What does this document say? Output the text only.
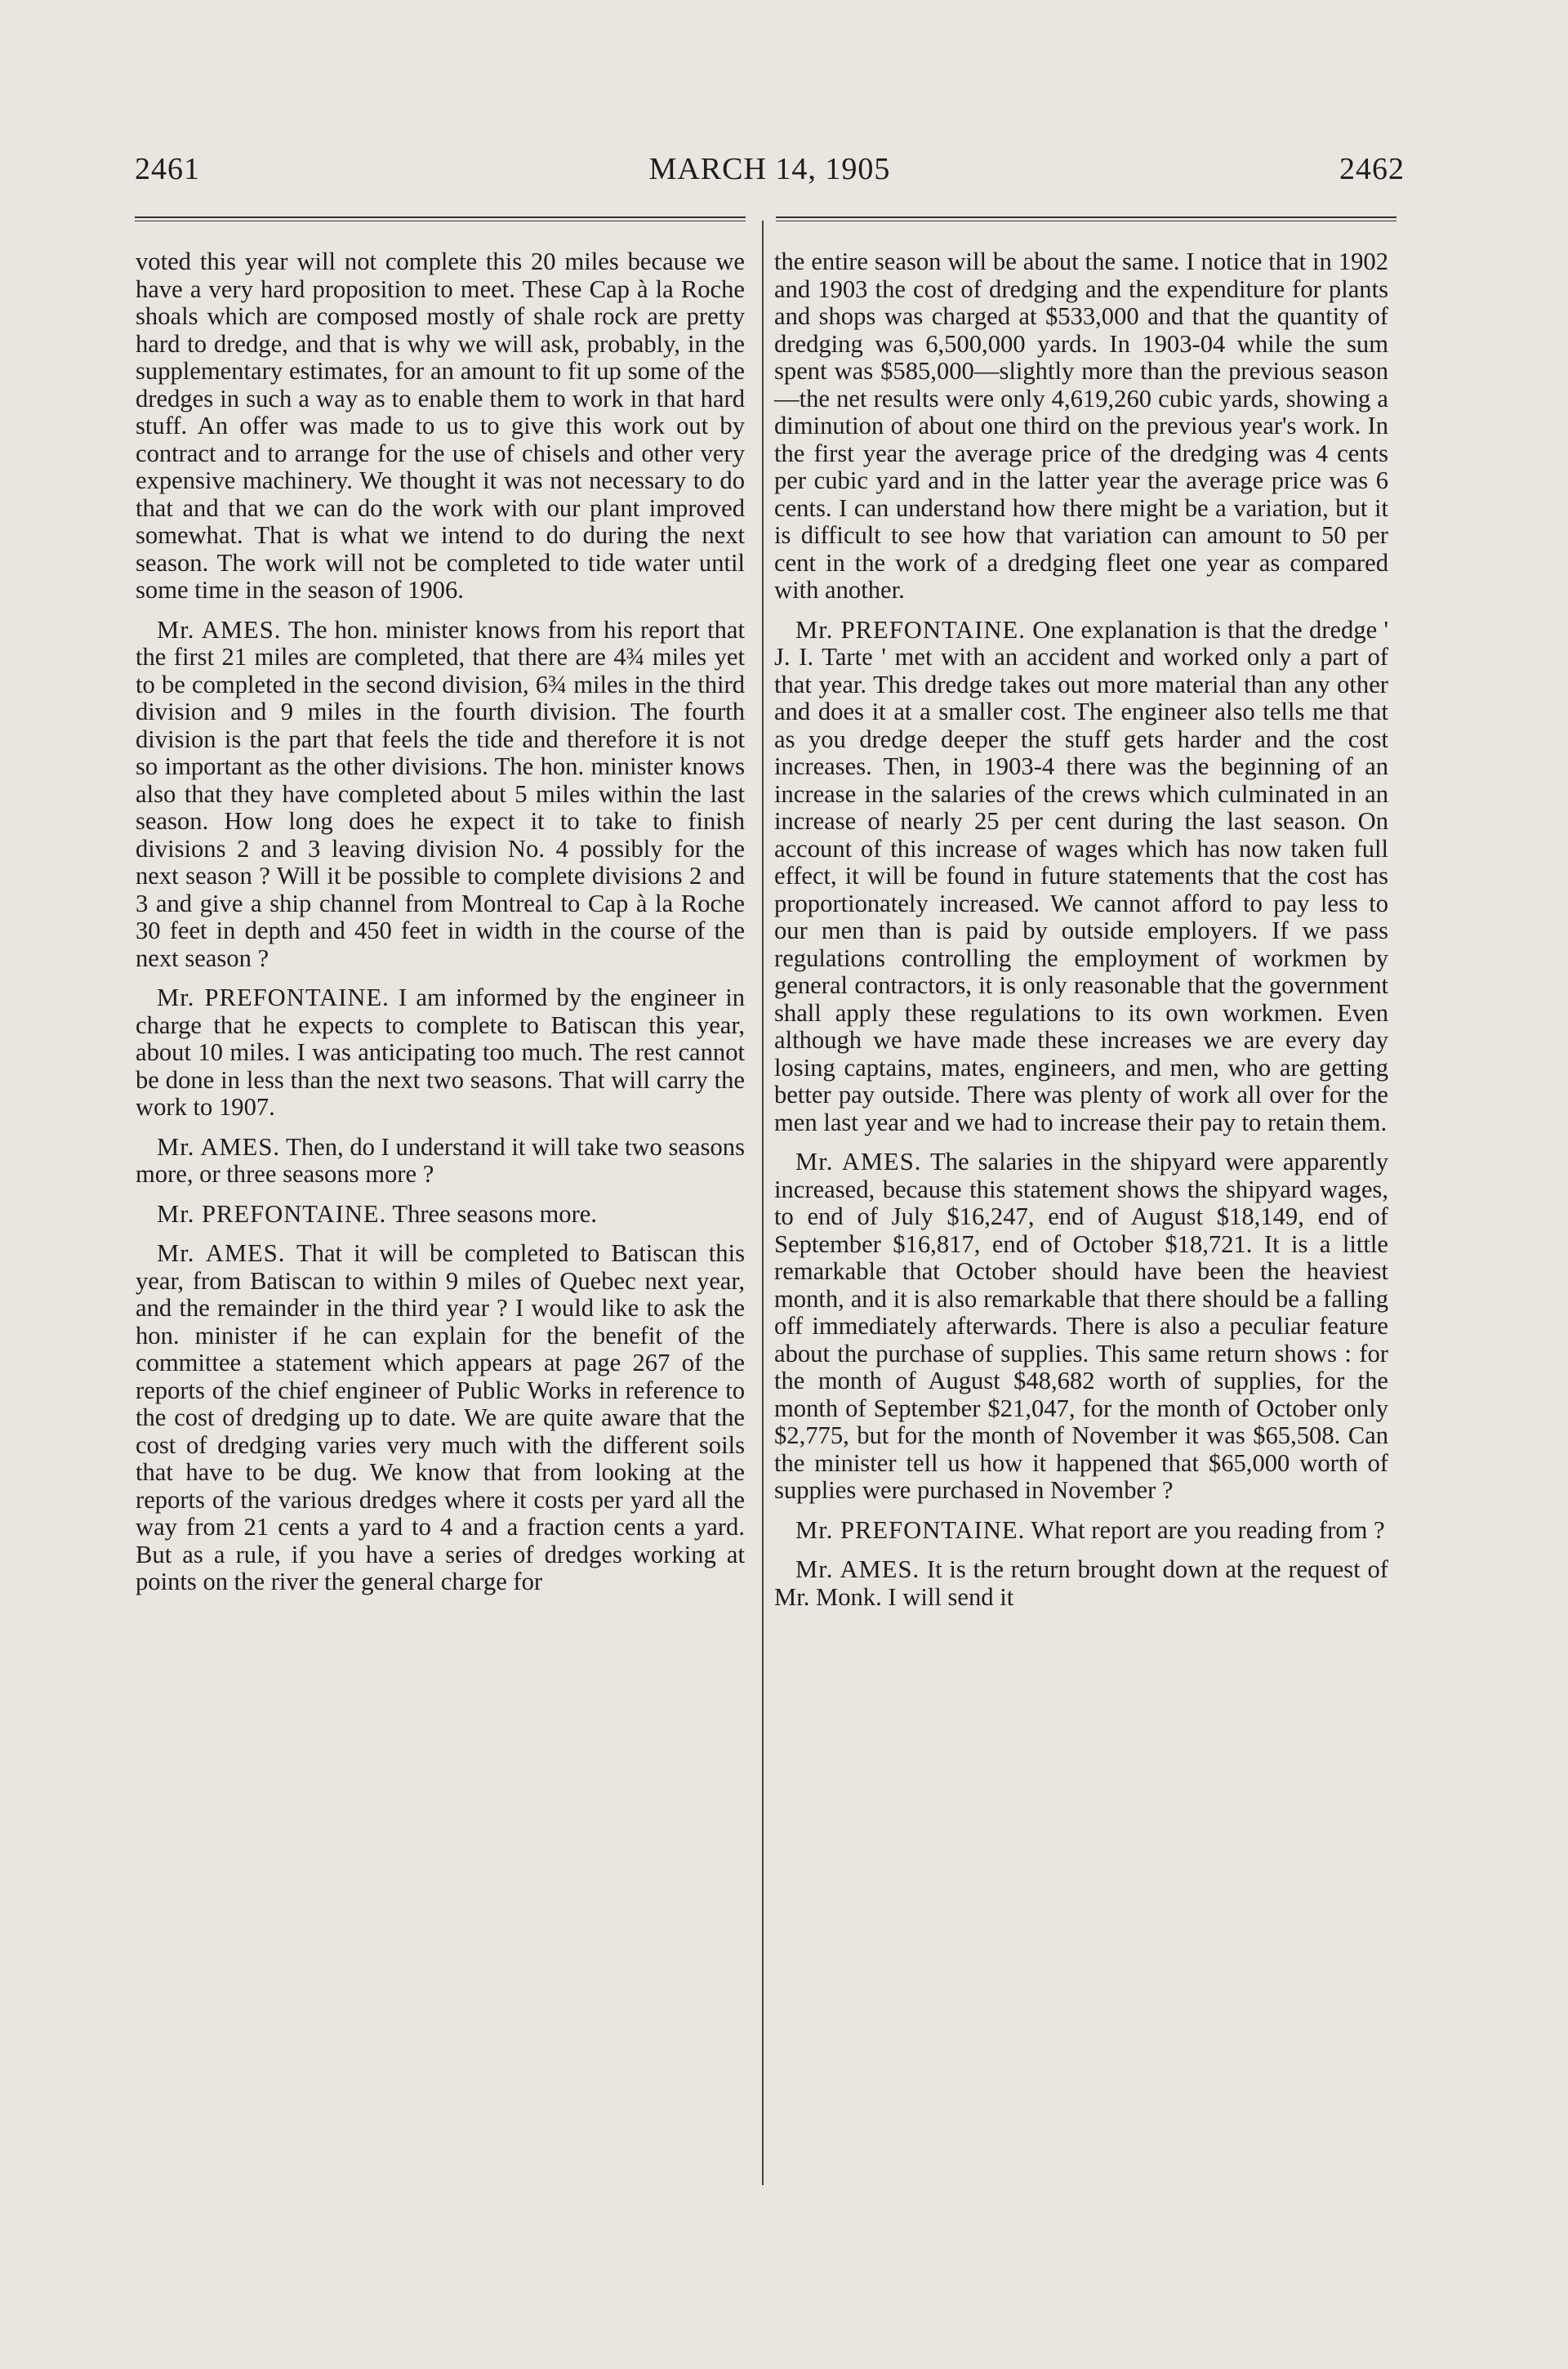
2461	MARCH 14, 1905	2462

voted this year will not complete this 20 miles because we have a very hard proposition to meet. These Cap à la Roche shoals which are composed mostly of shale rock are pretty hard to dredge, and that is why we will ask, probably, in the supplementary estimates, for an amount to fit up some of the dredges in such a way as to enable them to work in that hard stuff. An offer was made to us to give this work out by contract and to arrange for the use of chisels and other very expensive machinery. We thought it was not necessary to do that and that we can do the work with our plant improved somewhat. That is what we intend to do during the next season. The work will not be completed to tide water until some time in the season of 1906.

Mr. AMES. The hon. minister knows from his report that the first 21 miles are completed, that there are 4¾ miles yet to be completed in the second division, 6¾ miles in the third division and 9 miles in the fourth division. The fourth division is the part that feels the tide and therefore it is not so important as the other divisions. The hon. minister knows also that they have completed about 5 miles within the last season. How long does he expect it to take to finish divisions 2 and 3 leaving division No. 4 possibly for the next season ? Will it be possible to complete divisions 2 and 3 and give a ship channel from Montreal to Cap à la Roche 30 feet in depth and 450 feet in width in the course of the next season ?

Mr. PREFONTAINE. I am informed by the engineer in charge that he expects to complete to Batiscan this year, about 10 miles. I was anticipating too much. The rest cannot be done in less than the next two seasons. That will carry the work to 1907.

Mr. AMES. Then, do I understand it will take two seasons more, or three seasons more ?

Mr. PREFONTAINE. Three seasons more.

Mr. AMES. That it will be completed to Batiscan this year, from Batiscan to within 9 miles of Quebec next year, and the remainder in the third year ? I would like to ask the hon. minister if he can explain for the benefit of the committee a statement which appears at page 267 of the reports of the chief engineer of Public Works in reference to the cost of dredging up to date. We are quite aware that the cost of dredging varies very much with the different soils that have to be dug. We know that from looking at the reports of the various dredges where it costs per yard all the way from 21 cents a yard to 4 and a fraction cents a yard. But as a rule, if you have a series of dredges working at points on the river the general charge for

the entire season will be about the same. I notice that in 1902 and 1903 the cost of dredging and the expenditure for plants and shops was charged at $533,000 and that the quantity of dredging was 6,500,000 yards. In 1903-04 while the sum spent was $585,000—slightly more than the previous season—the net results were only 4,619,260 cubic yards, showing a diminution of about one third on the previous year's work. In the first year the average price of the dredging was 4 cents per cubic yard and in the latter year the average price was 6 cents. I can understand how there might be a variation, but it is difficult to see how that variation can amount to 50 per cent in the work of a dredging fleet one year as compared with another.

Mr. PREFONTAINE. One explanation is that the dredge ' J. I. Tarte ' met with an accident and worked only a part of that year. This dredge takes out more material than any other and does it at a smaller cost. The engineer also tells me that as you dredge deeper the stuff gets harder and the cost increases. Then, in 1903-4 there was the beginning of an increase in the salaries of the crews which culminated in an increase of nearly 25 per cent during the last season. On account of this increase of wages which has now taken full effect, it will be found in future statements that the cost has proportionately increased. We cannot afford to pay less to our men than is paid by outside employers. If we pass regulations controlling the employment of workmen by general contractors, it is only reasonable that the government shall apply these regulations to its own workmen. Even although we have made these increases we are every day losing captains, mates, engineers, and men, who are getting better pay outside. There was plenty of work all over for the men last year and we had to increase their pay to retain them.

Mr. AMES. The salaries in the shipyard were apparently increased, because this statement shows the shipyard wages, to end of July $16,247, end of August $18,149, end of September $16,817, end of October $18,721. It is a little remarkable that October should have been the heaviest month, and it is also remarkable that there should be a falling off immediately afterwards. There is also a peculiar feature about the purchase of supplies. This same return shows : for the month of August $48,682 worth of supplies, for the month of September $21,047, for the month of October only $2,775, but for the month of November it was $65,508. Can the minister tell us how it happened that $65,000 worth of supplies were purchased in November ?

Mr. PREFONTAINE. What report are you reading from ?

Mr. AMES. It is the return brought down at the request of Mr. Monk. I will send it
